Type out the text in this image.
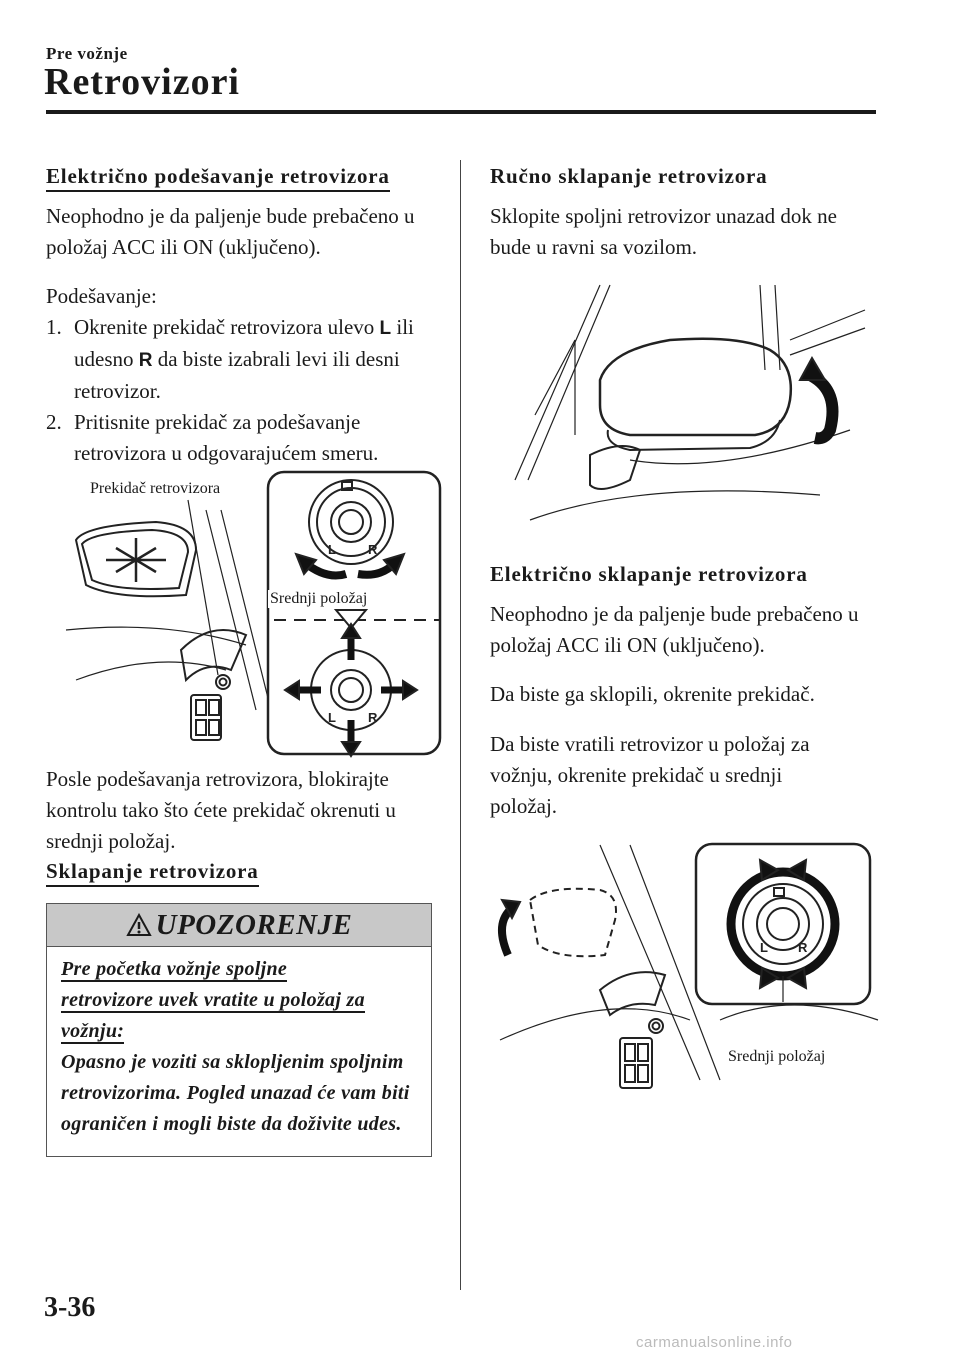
Pre vožnje
Retrovizori
Električno podešavanje retrovizora
Neophodno je da paljenje bude prebačeno u položaj ACC ili ON (uključeno).
Podešavanje:
1. Okrenite prekidač retrovizora ulevo L ili udesno R da biste izabrali levi ili desni retrovizor.
2. Pritisnite prekidač za podešavanje retrovizora u odgovarajućem smeru.
L R
L R
Prekidač retrovizora
Srednji položaj
Posle podešavanja retrovizora, blokirajte kontrolu tako što ćete prekidač okrenuti u srednji položaj.
Sklapanje retrovizora
UPOZORENJE
Pre početka vožnje spoljne
retrovizore uvek vratite u položaj za
vožnju:
Opasno je voziti sa sklopljenim spoljnim retrovizorima. Pogled unazad će vam biti ograničen i mogli biste da doživite udes.
Ručno sklapanje retrovizora
Sklopite spoljni retrovizor unazad dok ne bude u ravni sa vozilom.
Električno sklapanje retrovizora
Neophodno je da paljenje bude prebačeno u položaj ACC ili ON (uključeno).
Da biste ga sklopili, okrenite prekidač.
Da biste vratili retrovizor u položaj za vožnju, okrenite prekidač u srednji položaj.
L R
Srednji položaj
3-36
carmanualsonline.info
